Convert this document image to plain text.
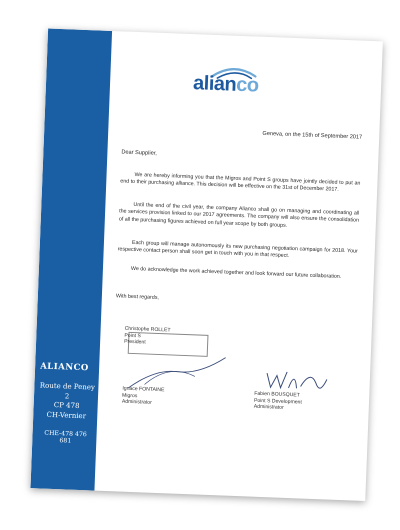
ALIANCO
Route de Peney
2
CP 478
CH-Vernier
CHE-478 476 681
alianco
Geneva, on the 15th of September 2017
Dear Supplier,
We are hereby informing you that the Migros and Point S groups have jointly decided to put an end to their purchasing alliance. This decision will be effective on the 31st of December 2017.
Until the end of the civil year, the company Alianco shall go on managing and coordinating all the services provision linked to our 2017 agreements. The company will also ensure the consolidation of all the purchasing figures achieved on full year scope by both groups.
Each group will manage autonomously its new purchasing negotiation campaign for 2018. Your respective contact person shall soon get in touch with you in that respect.
We do acknowledge the work achieved together and look forward our future collaboration.
With best regards,
Christophe ROLLET
Point S
President
Ignace FONTAINE
Migros
Administrator
Fabien BOUSQUET
Point S Development
Administrator
